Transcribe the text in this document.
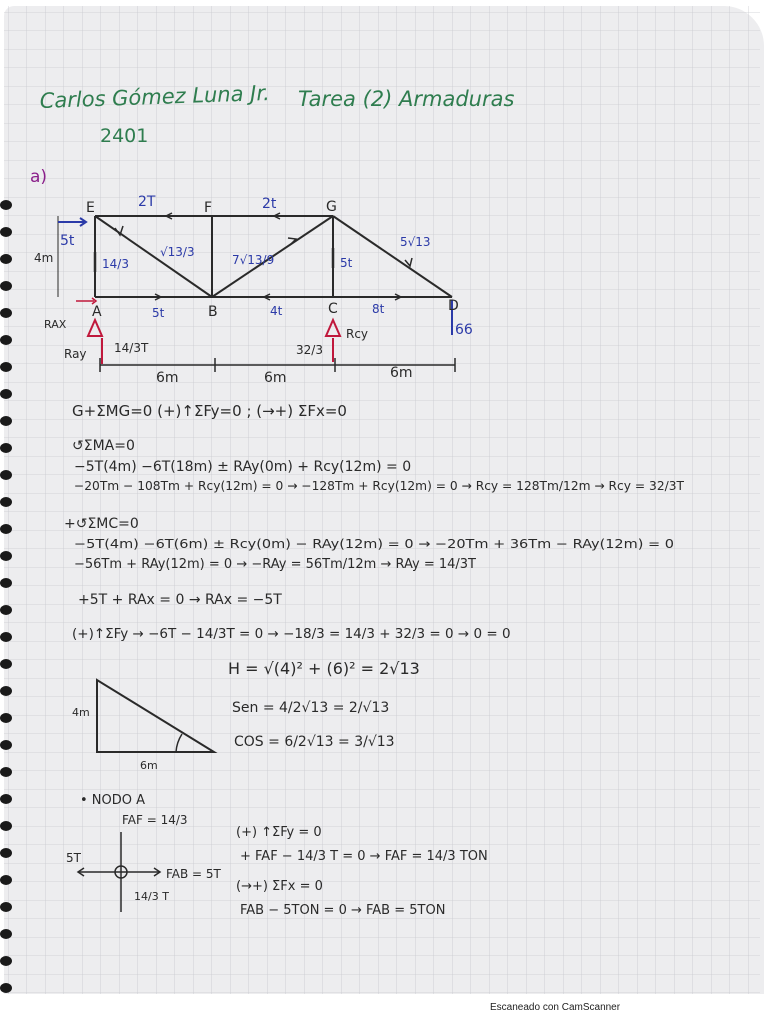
Carlos Gómez Luna Jr. Tarea (2) Armaduras
2401
a)
E	F	G
A	B	C	D
2T	2t
√13/3
7√13/9
5√13
5t
14/3
5t	4t	8t
5t
66
4m
RAX
Ray
Rcy
14/3T	32/3
6m	6m	6m
G+ΣMG=0 (+)↑ΣFy=0 ; (→+) ΣFx=0
↺ΣMA=0
−5T(4m) −6T(18m) ± RAy(0m) + Rcy(12m) = 0
−20Tm − 108Tm + Rcy(12m) = 0 → −128Tm + Rcy(12m) = 0 → Rcy = 128Tm/12m → Rcy = 32/3T
+↺ΣMC=0
−5T(4m) −6T(6m) ± Rcy(0m) − RAy(12m) = 0 → −20Tm + 36Tm − RAy(12m) = 0
−56Tm + RAy(12m) = 0 → −RAy = 56Tm/12m → RAy = 14/3T
+5T + RAx = 0 → RAx = −5T
(+)↑ΣFy → −6T − 14/3T = 0 → −18/3 = 14/3 + 32/3 = 0 → 0 = 0
4m
6m
H = √(4)² + (6)² = 2√13
Sen = 4/2√13 = 2/√13
COS = 6/2√13 = 3/√13
• NODO A
FAF = 14/3
5T
FAB = 5T
14/3 T
(+) ↑ΣFy = 0
+ FAF − 14/3 T = 0 → FAF = 14/3 TON
(→+) ΣFx = 0
FAB − 5TON = 0 → FAB = 5TON
Escaneado con CamScanner
